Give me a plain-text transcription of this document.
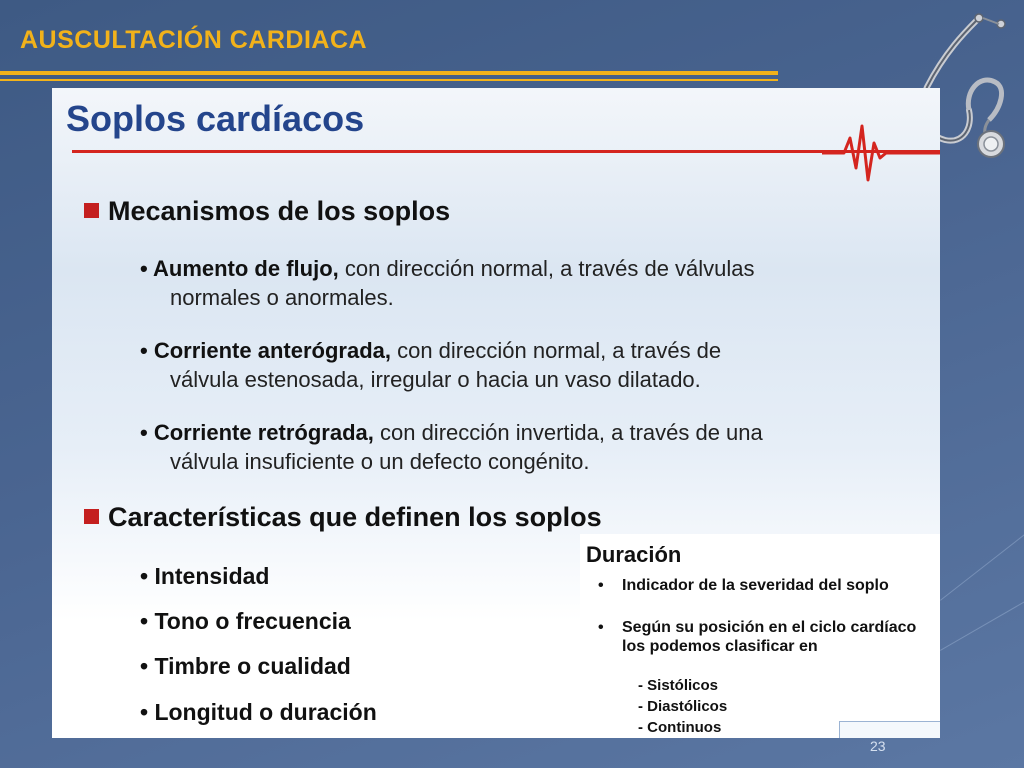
AUSCULTACIÓN CARDIACA
Soplos cardíacos
Mecanismos de los soplos
• Aumento de flujo, con dirección normal, a través de válvulas
normales o anormales.
• Corriente anterógrada, con dirección normal, a través de
válvula estenosada, irregular o hacia un vaso dilatado.
• Corriente retrógrada, con dirección invertida, a través de una
válvula insuficiente o un defecto congénito.
Características que definen los soplos
• Intensidad
• Tono o frecuencia
• Timbre o cualidad
• Longitud o duración
Duración
•	Indicador de la severidad del soplo
•	Según su posición en el ciclo cardíaco los podemos clasificar en
- Sistólicos
- Diastólicos
- Continuos
23
